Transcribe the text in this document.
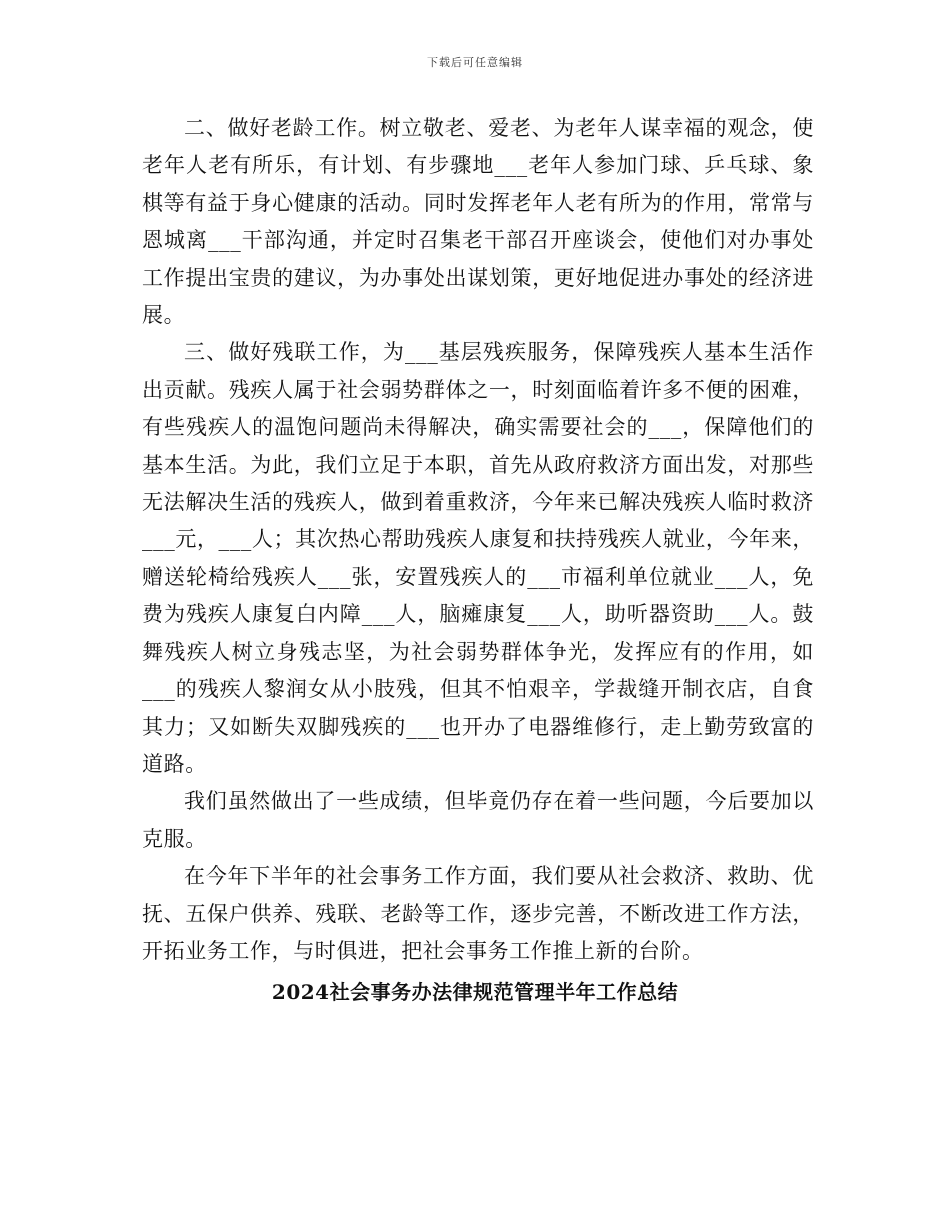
下载后可任意编辑

二、做好老龄工作。树立敬老、爱老、为老年人谋幸福的观念，使老年人老有所乐，有计划、有步骤地___老年人参加门球、乒乓球、象棋等有益于身心健康的活动。同时发挥老年人老有所为的作用，常常与恩城离___干部沟通，并定时召集老干部召开座谈会，使他们对办事处工作提出宝贵的建议，为办事处出谋划策，更好地促进办事处的经济进展。

三、做好残联工作，为___基层残疾服务，保障残疾人基本生活作出贡献。残疾人属于社会弱势群体之一，时刻面临着许多不便的困难，有些残疾人的温饱问题尚未得解决，确实需要社会的___，保障他们的基本生活。为此，我们立足于本职，首先从政府救济方面出发，对那些无法解决生活的残疾人，做到着重救济，今年来已解决残疾人临时救济___元，___人；其次热心帮助残疾人康复和扶持残疾人就业，今年来，赠送轮椅给残疾人___张，安置残疾人的___市福利单位就业___人，免费为残疾人康复白内障___人，脑瘫康复___人，助听器资助___人。鼓舞残疾人树立身残志坚，为社会弱势群体争光，发挥应有的作用，如___的残疾人黎润女从小肢残，但其不怕艰辛，学裁缝开制衣店，自食其力；又如断失双脚残疾的___也开办了电器维修行，走上勤劳致富的道路。

我们虽然做出了一些成绩，但毕竟仍存在着一些问题，今后要加以克服。

在今年下半年的社会事务工作方面，我们要从社会救济、救助、优抚、五保户供养、残联、老龄等工作，逐步完善，不断改进工作方法，开拓业务工作，与时俱进，把社会事务工作推上新的台阶。

2024社会事务办法律规范管理半年工作总结
